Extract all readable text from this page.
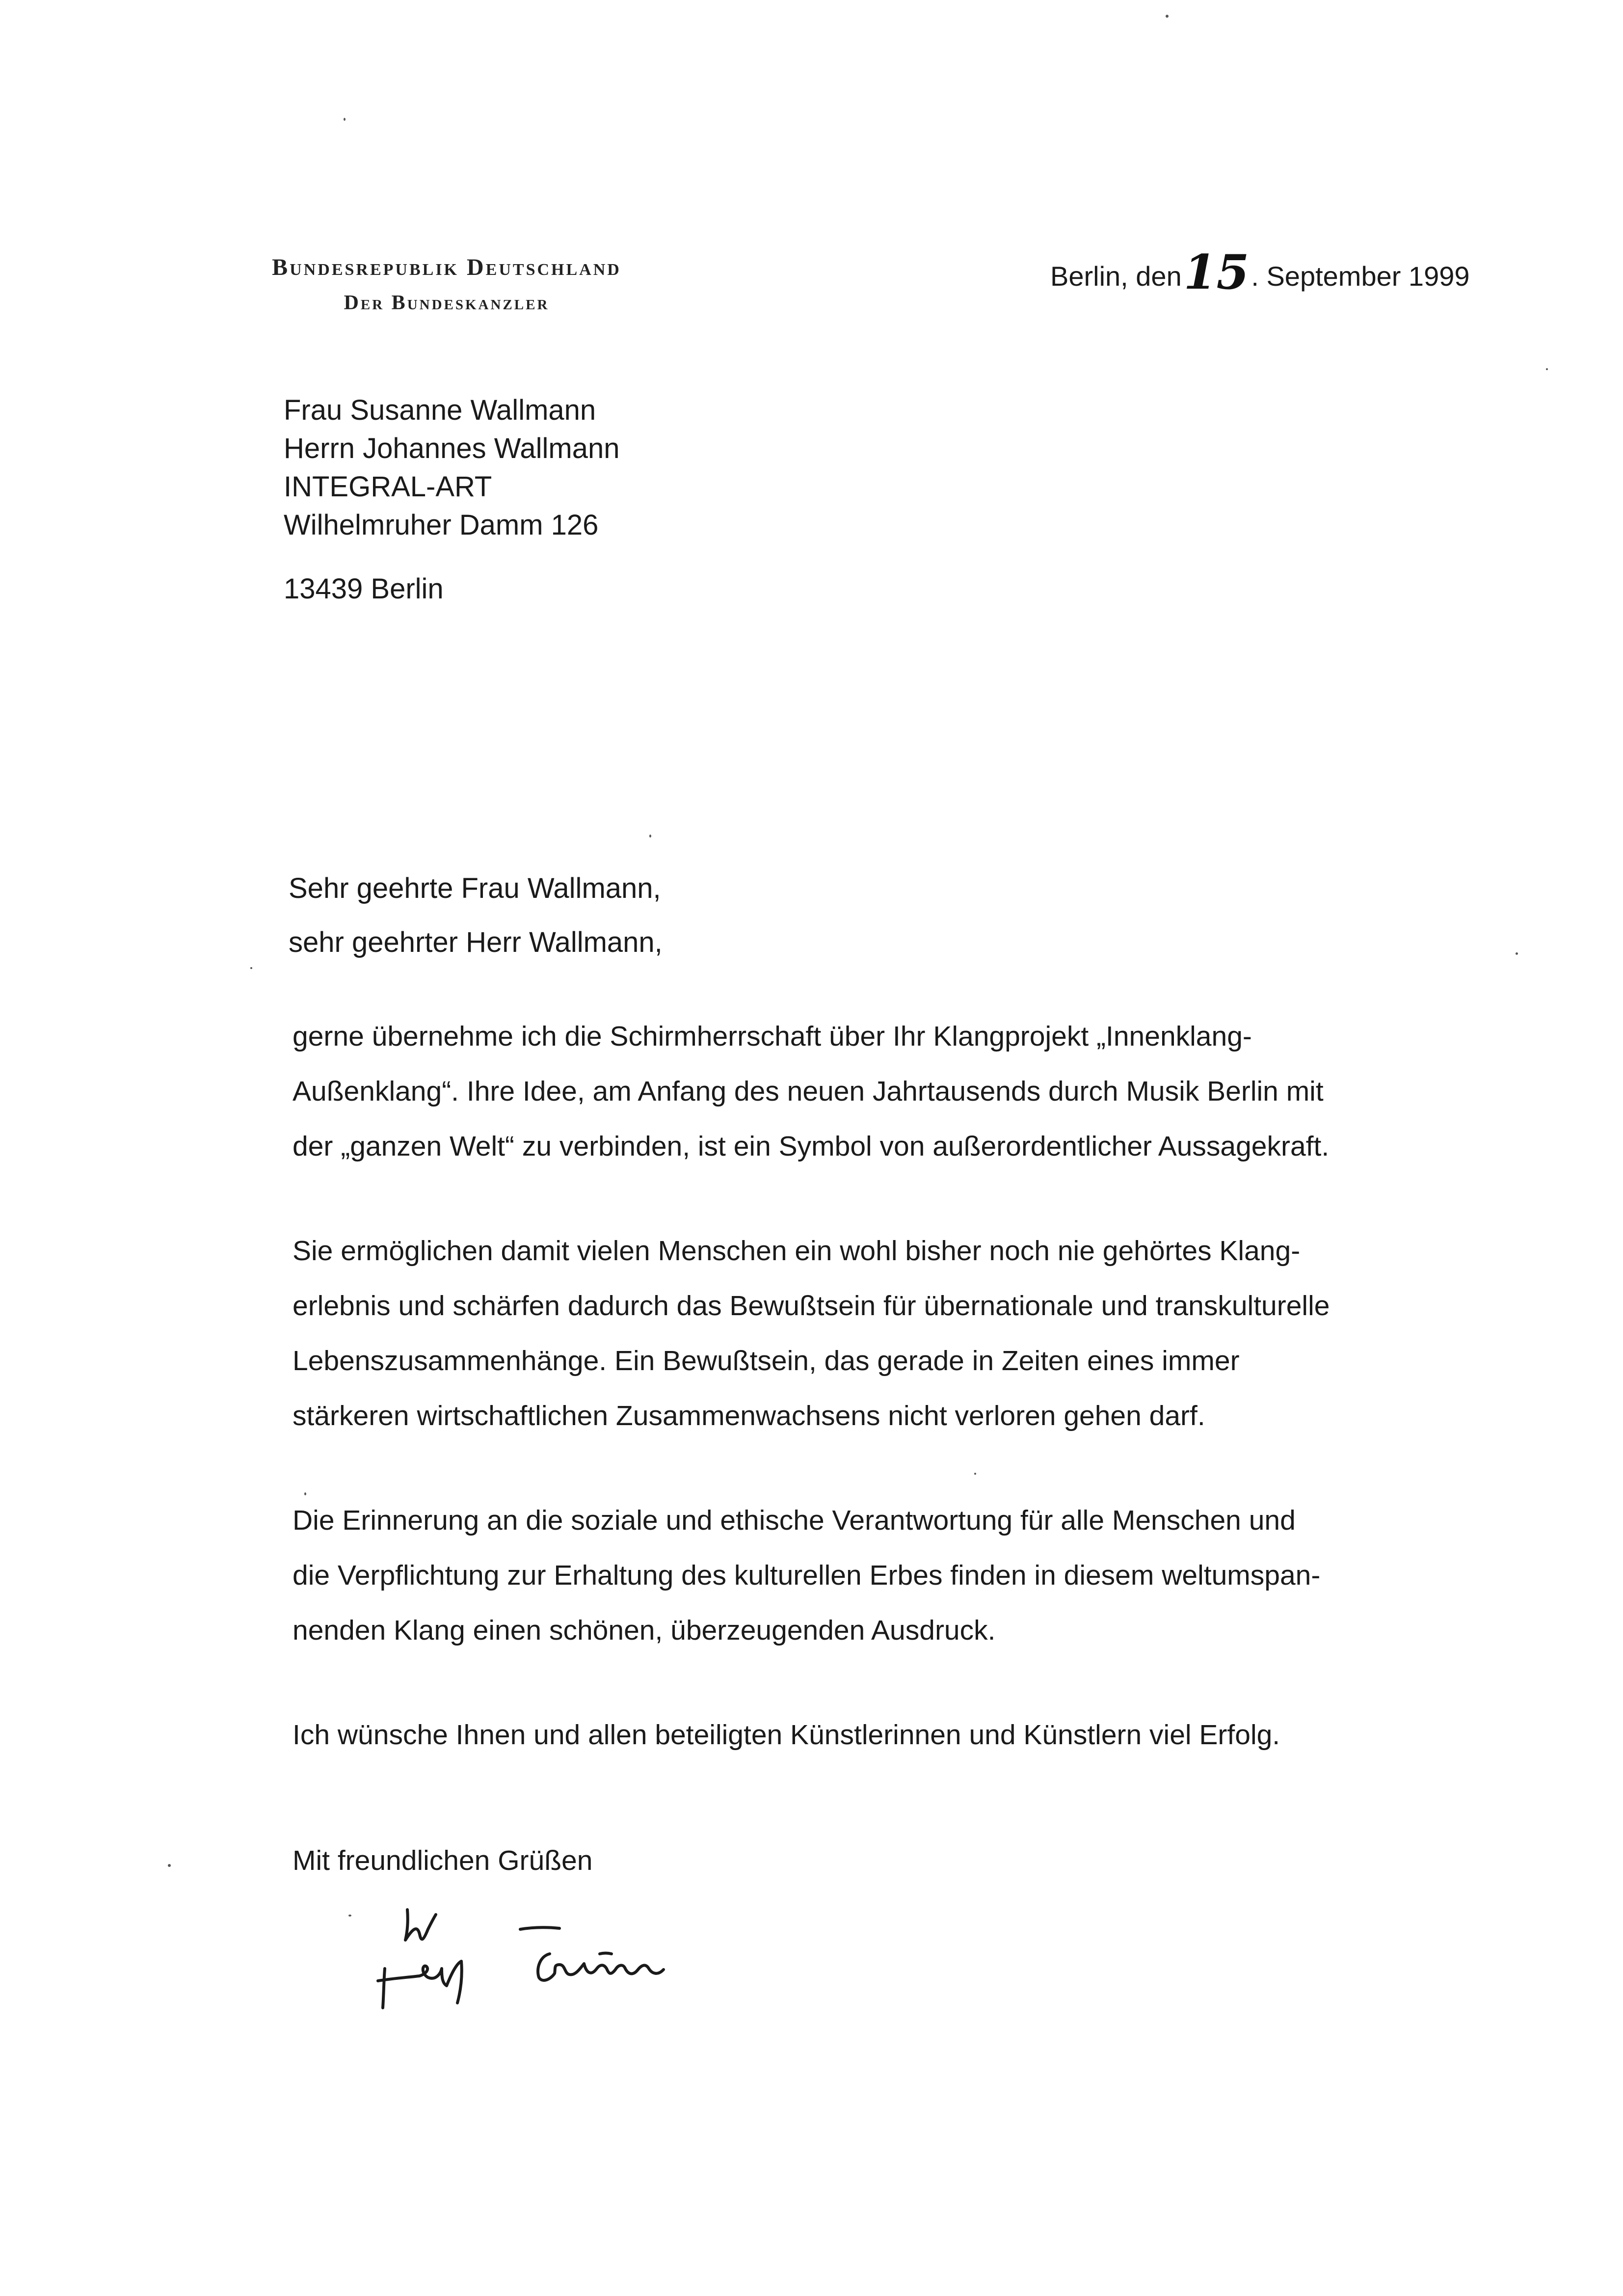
Bundesrepublik Deutschland
Der Bundeskanzler
Berlin, den15. September 1999
Frau Susanne Wallmann
Herrn Johannes Wallmann
INTEGRAL-ART
Wilhelmruher Damm 126
13439 Berlin
Sehr geehrte Frau Wallmann,
sehr geehrter Herr Wallmann,
gerne übernehme ich die Schirmherrschaft über Ihr Klangprojekt „Innenklang-
Außenklang“. Ihre Idee, am Anfang des neuen Jahrtausends durch Musik Berlin mit
der „ganzen Welt“ zu verbinden, ist ein Symbol von außerordentlicher Aussagekraft.
Sie ermöglichen damit vielen Menschen ein wohl bisher noch nie gehörtes Klang-
erlebnis und schärfen dadurch das Bewußtsein für übernationale und transkulturelle
Lebenszusammenhänge. Ein Bewußtsein, das gerade in Zeiten eines immer
stärkeren wirtschaftlichen Zusammenwachsens nicht verloren gehen darf.
Die Erinnerung an die soziale und ethische Verantwortung für alle Menschen und
die Verpflichtung zur Erhaltung des kulturellen Erbes finden in diesem weltumspan-
nenden Klang einen schönen, überzeugenden Ausdruck.
Ich wünsche Ihnen und allen beteiligten Künstlerinnen und Künstlern viel Erfolg.
Mit freundlichen Grüßen
